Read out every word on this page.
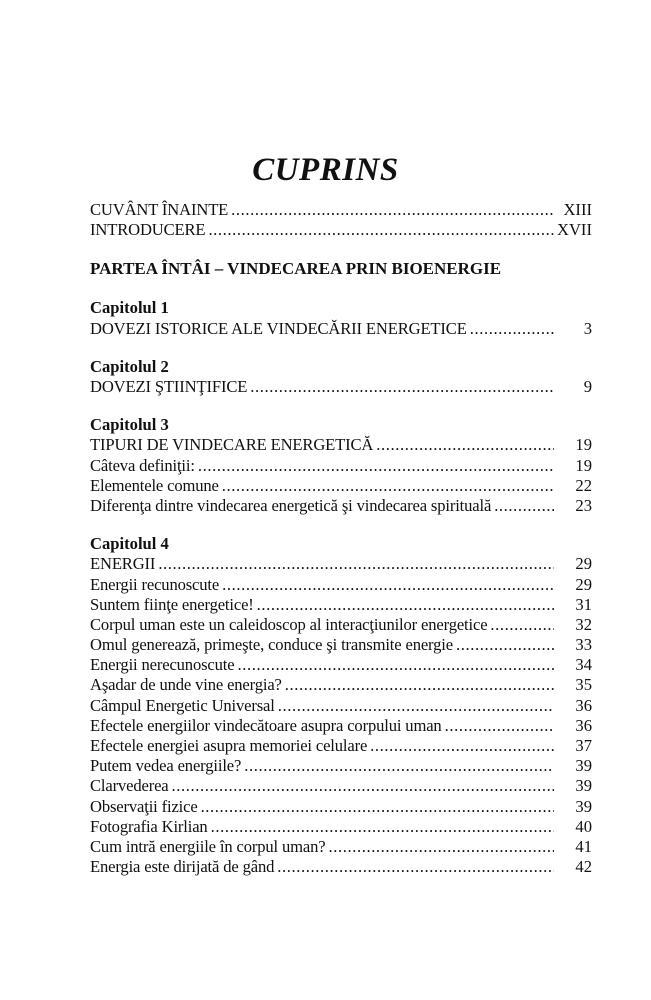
CUPRINS
CUVÂNT ÎNAINTE .....	XIII
INTRODUCERE .....	XVII
PARTEA ÎNTÂI – VINDECAREA PRIN BIOENERGIE
Capitolul 1
DOVEZI ISTORICE ALE VINDECĂRII ENERGETICE .....	3
Capitolul 2
DOVEZI ŞTIINŢIFICE .....	9
Capitolul 3
TIPURI DE VINDECARE ENERGETICĂ .....	19
Câteva definiţii: .....	19
Elementele comune .....	22
Diferenţa dintre vindecarea energetică şi vindecarea spirituală .....	23
Capitolul 4
ENERGII .....	29
Energii recunoscute .....	29
Suntem fiinţe energetice! .....	31
Corpul uman este un caleidoscop al interacţiunilor energetice .....	32
Omul generează, primeşte, conduce şi transmite energie .....	33
Energii nerecunoscute .....	34
Aşadar de unde vine energia? .....	35
Câmpul Energetic Universal .....	36
Efectele energiilor vindecătoare asupra corpului uman .....	36
Efectele energiei asupra memoriei celulare .....	37
Putem vedea energiile? .....	39
Clarvederea .....	39
Observaţii fizice .....	39
Fotografia Kirlian .....	40
Cum intră energiile în corpul uman? .....	41
Energia este dirijată de gând .....	42
